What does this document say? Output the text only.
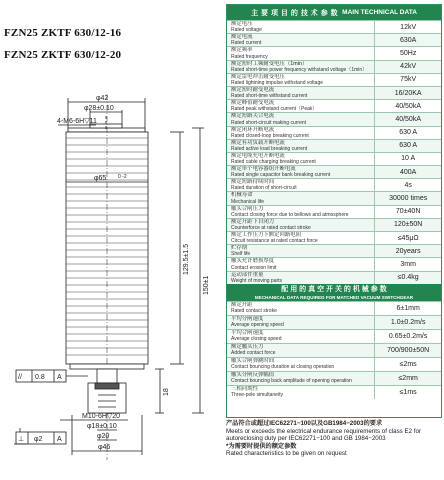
FZN25 ZKTF 630/12-16
FZN25 ZKTF 630/12-20
φ42
φ28±0.10
4-M6-6H▽11
φ65 0 -2
129.5±1.5
150±1
18
M10-6H▽20
φ18±0.10
φ20
φ46
// 0.8 A
⊥ φ2 A
主 要 项 目 的 技 术 参 数 MAIN TECHNICAL DATA
额定电压
Rated voltage	12kV
额定电流
Rated current	630A
额定频率
Rated frequency	50Hz
额定短时工频耐受电压（1min）
Rated short-time power frequency withstand voltage（1min）	42kV
额定雷电冲击耐受电压
Rated lightning impulse withstand voltage	75kV
额定短时耐受电流
Rated short-time withstand current	16/20KA
额定峰值耐受电流
Rated peak withstand current（Peak）	40/50kA
额定短路关合电流
Rated short-circuit making current	40/50kA
额定闭环开断电流
Rated closed-loop breaking current	630 A
额定有功负载开断电流
Rated active load breaking current	630 A
额定电缆充电开断电流
Rated cable charging breaking current	10 A
额定单个电容器组开断电流
Rated single capacitor bank breaking current	400A
额定短路持续时间
Rated duration of short-circuit	4s
机械寿命
Mechanical life	30000 times
触头合闸压力
Contact closing force due to bellows and atmosphere	70±40N
额定开距下自闭力
Counterforce at rated contact stroke	120±50N
额定工作压力下额定回路电阻
Circuit resistance at rated contact force	≤45μΩ
贮存期
Shelf life	20years
触头允许磨损厚度
Contact erosion limit	3mm
运动部件重量
Weight of moving parts	≤0.4kg
配 用 的 真 空 开 关 的 机 械 参 数
MECHANICAL DATA REQUIRED FOR MATCHED VACUUM SWITCHGEAR
额定开距
Rated contact stroke	6±1mm
平均分闸速度
Average opening speed	1.0±0.2m/s
平均合闸速度
Average closing speed	0.65±0.2m/s
额定触头压力
Added contact force	700/900±50N
触头合闸弹跳时间
Contact bouncing duration at closing operation	≤2ms
触头分闸反弹幅值
Contact bouncing back amplitude of opening operation	≤2mm
三相同期性
Three-pole simultaneity	≤1ms
产品符合或超过IEC62271−100以及GB1984−2003的要求
Meets or exceeds the electrical endurance requirements of class E2 for autoreclosing duty per IEC62271−100 and GB 1984−2003
*为需要时提供的额定参数
Rated characteristics to be given on request
